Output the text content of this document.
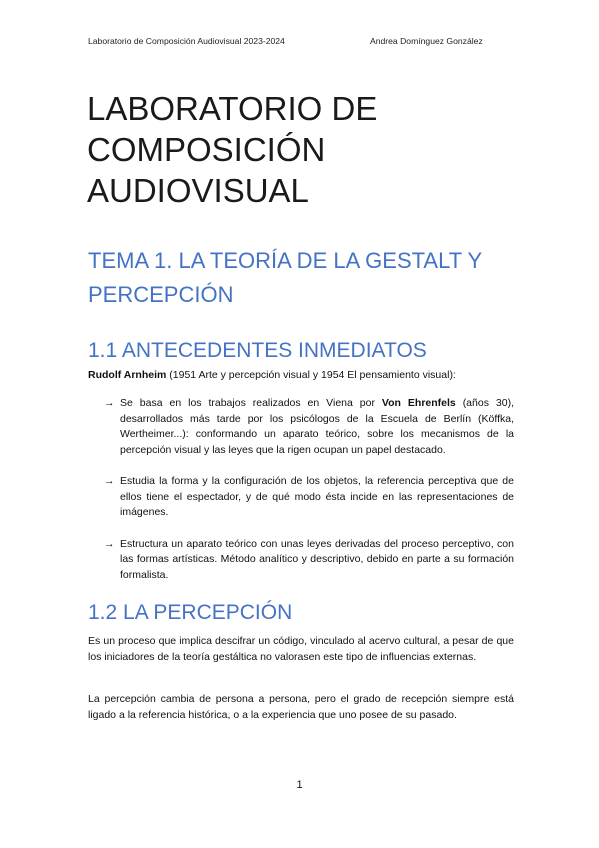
Laboratorio de Composición Audiovisual 2023-2024	Andrea Domínguez González
LABORATORIO DE
COMPOSICIÓN
AUDIOVISUAL
TEMA 1. LA TEORÍA DE LA GESTALT Y
PERCEPCIÓN
1.1 ANTECEDENTES INMEDIATOS

Rudolf Arnheim (1951 Arte y percepción visual y 1954 El pensamiento visual):

→ Se basa en los trabajos realizados en Viena por Von Ehrenfels (años 30), desarrollados más tarde por los psicólogos de la Escuela de Berlín (Köffka, Wertheimer...): conformando un aparato teórico, sobre los mecanismos de la percepción visual y las leyes que la rigen ocupan un papel destacado.
→ Estudia la forma y la configuración de los objetos, la referencia perceptiva que de ellos tiene el espectador, y de qué modo ésta incide en las representaciones de imágenes.
→ Estructura un aparato teórico con unas leyes derivadas del proceso perceptivo, con las formas artísticas. Método analítico y descriptivo, debido en parte a su formación formalista.
1.2 LA PERCEPCIÓN

Es un proceso que implica descifrar un código, vinculado al acervo cultural, a pesar de que los iniciadores de la teoría gestáltica no valorasen este tipo de influencias externas.

La percepción cambia de persona a persona, pero el grado de recepción siempre está ligado a la referencia histórica, o a la experiencia que uno posee de su pasado.

1
